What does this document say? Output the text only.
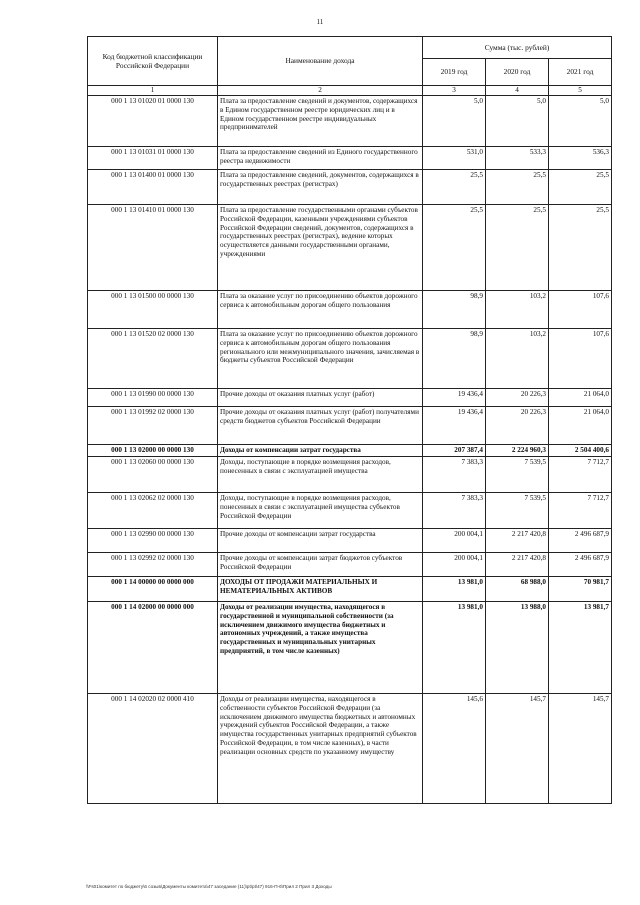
11
Код бюджетной классификации Российской Федерации	Наименование дохода	Сумма (тыс. рублей)		
		2019 год	2020 год	2021 год
1	2	3	4	5
000 1 13 01020 01 0000 130	Плата за предоставление сведений и документов, содержащихся в Едином государственном реестре юридических лиц и в Едином государственном реестре индивидуальных предпринимателей	5,0	5,0	5,0
000 1 13 01031 01 0000 130	Плата за предоставление сведений из Единого государственного реестра недвижимости	531,0	533,3	536,3
000 1 13 01400 01 0000 130	Плата за предоставление сведений, документов, содержащихся в государственных реестрах (регистрах)	25,5	25,5	25,5
000 1 13 01410 01 0000 130	Плата за предоставление государственными органами субъектов Российской Федерации, казенными учреждениями субъектов Российской Федерации сведений, документов, содержащихся в государственных реестрах (регистрах), ведение которых осуществляется данными государственными органами, учреждениями	25,5	25,5	25,5
000 1 13 01500 00 0000 130	Плата за оказание услуг по присоединению объектов дорожного сервиса к автомобильным дорогам общего пользования	98,9	103,2	107,6
000 1 13 01520 02 0000 130	Плата за оказание услуг по присоединению объектов дорожного сервиса к автомобильным дорогам общего пользования регионального или межмуниципального значения, зачисляемая в бюджеты субъектов Российской Федерации	98,9	103,2	107,6
000 1 13 01990 00 0000 130	Прочие доходы от оказания платных услуг (работ)	19 436,4	20 226,3	21 064,0
000 1 13 01992 02 0000 130	Прочие доходы от оказания платных услуг (работ) получателями средств бюджетов субъектов Российской Федерации	19 436,4	20 226,3	21 064,0
000 1 13 02000 00 0000 130	Доходы от компенсации затрат государства	207 387,4	2 224 960,3	2 504 400,6
000 1 13 02060 00 0000 130	Доходы, поступающие в порядке возмещения расходов, понесенных в связи с эксплуатацией имущества	7 383,3	7 539,5	7 712,7
000 1 13 02062 02 0000 130	Доходы, поступающие в порядке возмещения расходов, понесенных в связи с эксплуатацией имущества субъектов Российской Федерации	7 383,3	7 539,5	7 712,7
000 1 13 02990 00 0000 130	Прочие доходы от компенсации затрат государства	200 004,1	2 217 420,8	2 496 687,9
000 1 13 02992 02 0000 130	Прочие доходы от компенсации затрат бюджетов субъектов Российской Федерации	200 004,1	2 217 420,8	2 496 687,9
000 1 14 00000 00 0000 000	ДОХОДЫ ОТ ПРОДАЖИ МАТЕРИАЛЬНЫХ И НЕМАТЕРИАЛЬНЫХ АКТИВОВ	13 981,0	68 988,0	70 981,7
000 1 14 02000 00 0000 000	Доходы от реализации имущества, находящегося в государственной и муниципальной собственности (за исключением движимого имущества бюджетных и автономных учреждений, а также имущества государственных и муниципальных унитарных предприятий, в том числе казенных)	13 981,0	13 988,0	13 981,7
000 1 14 02020 02 0000 410	Доходы от реализации имущества, находящегося в собственности субъектов Российской Федерации (за исключением движимого имущества бюджетных и автономных учреждений субъектов Российской Федерации, а также имущества государственных унитарных предприятий субъектов Российской Федерации, в том числе казенных), в части реализации основных средств по указанному имуществу	145,6	145,7	145,7
\\Fs01\комитет по бюджету\6 созыв\Документы комитета\47 заседание (11)\pt\pt\47) 916-П-6\Прил 2 Прил 3 Доходы
